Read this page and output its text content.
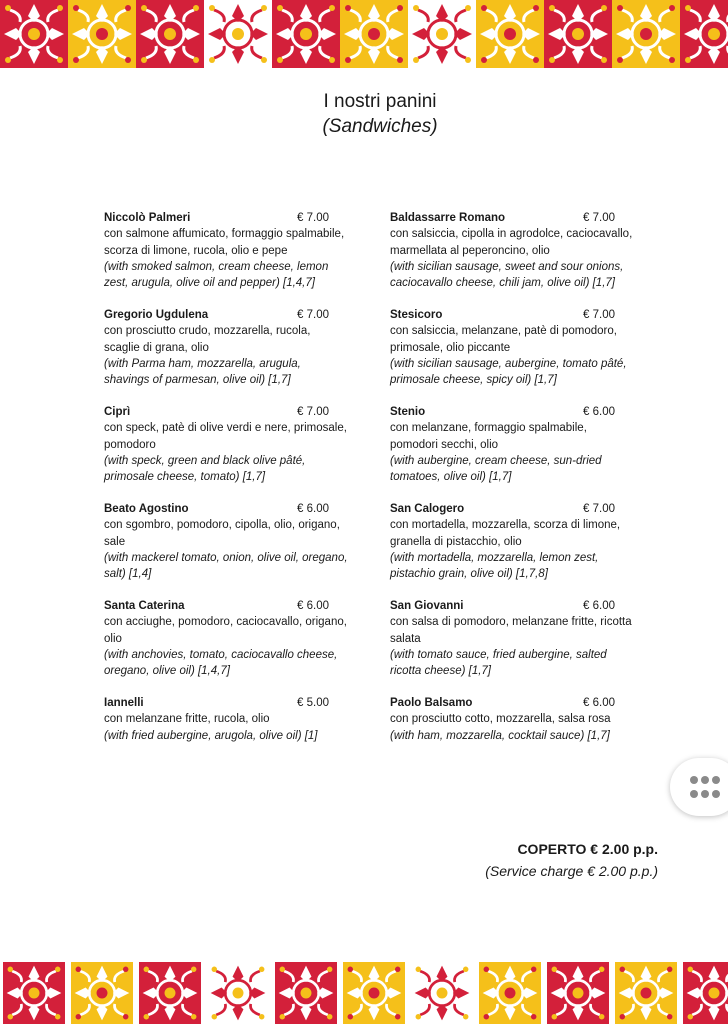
I nostri panini
(Sandwiches)
Niccolò Palmeri	€ 7.00
con salmone affumicato, formaggio spalmabile, scorza di limone, rucola, olio e pepe
(with smoked salmon, cream cheese, lemon zest, arugula, olive oil and pepper) [1,4,7]
Gregorio Ugdulena	€ 7.00
con prosciutto crudo, mozzarella, rucola, scaglie di grana, olio
(with Parma ham, mozzarella, arugula, shavings of parmesan, olive oil) [1,7]
Ciprì	€ 7.00
con speck, patè di olive verdi e nere, primosale, pomodoro
(with speck, green and black olive pâté, primosale cheese, tomato) [1,7]
Beato Agostino	€ 6.00
con sgombro, pomodoro, cipolla, olio, origano, sale
(with mackerel tomato, onion, olive oil, oregano, salt) [1,4]
Santa Caterina	€ 6.00
con acciughe, pomodoro, caciocavallo, origano, olio
(with anchovies, tomato, caciocavallo cheese, oregano, olive oil) [1,4,7]
Iannelli	€ 5.00
con melanzane fritte, rucola, olio
(with fried aubergine, arugola, olive oil) [1]
Baldassarre Romano	€ 7.00
con salsiccia, cipolla in agrodolce, caciocavallo, marmellata al peperoncino, olio
(with sicilian sausage, sweet and sour onions, caciocavallo cheese, chili jam, olive oil) [1,7]
Stesicoro	€ 7.00
con salsiccia, melanzane, patè di pomodoro, primosale, olio piccante
(with sicilian sausage, aubergine, tomato pâté, primosale cheese, spicy oil) [1,7]
Stenio	€ 6.00
con melanzane, formaggio spalmabile, pomodori secchi, olio
(with aubergine, cream cheese, sun-dried tomatoes, olive oil) [1,7]
San Calogero	€ 7.00
con mortadella, mozzarella, scorza di limone, granella di pistacchio, olio
(with mortadella, mozzarella, lemon zest, pistachio grain, olive oil) [1,7,8]
San Giovanni	€ 6.00
con salsa di pomodoro, melanzane fritte, ricotta salata
(with tomato sauce, fried aubergine, salted ricotta cheese) [1,7]
Paolo Balsamo	€ 6.00
con prosciutto cotto, mozzarella, salsa rosa
(with ham, mozzarella, cocktail sauce) [1,7]
COPERTO € 2.00 p.p.
(Service charge € 2.00 p.p.)
